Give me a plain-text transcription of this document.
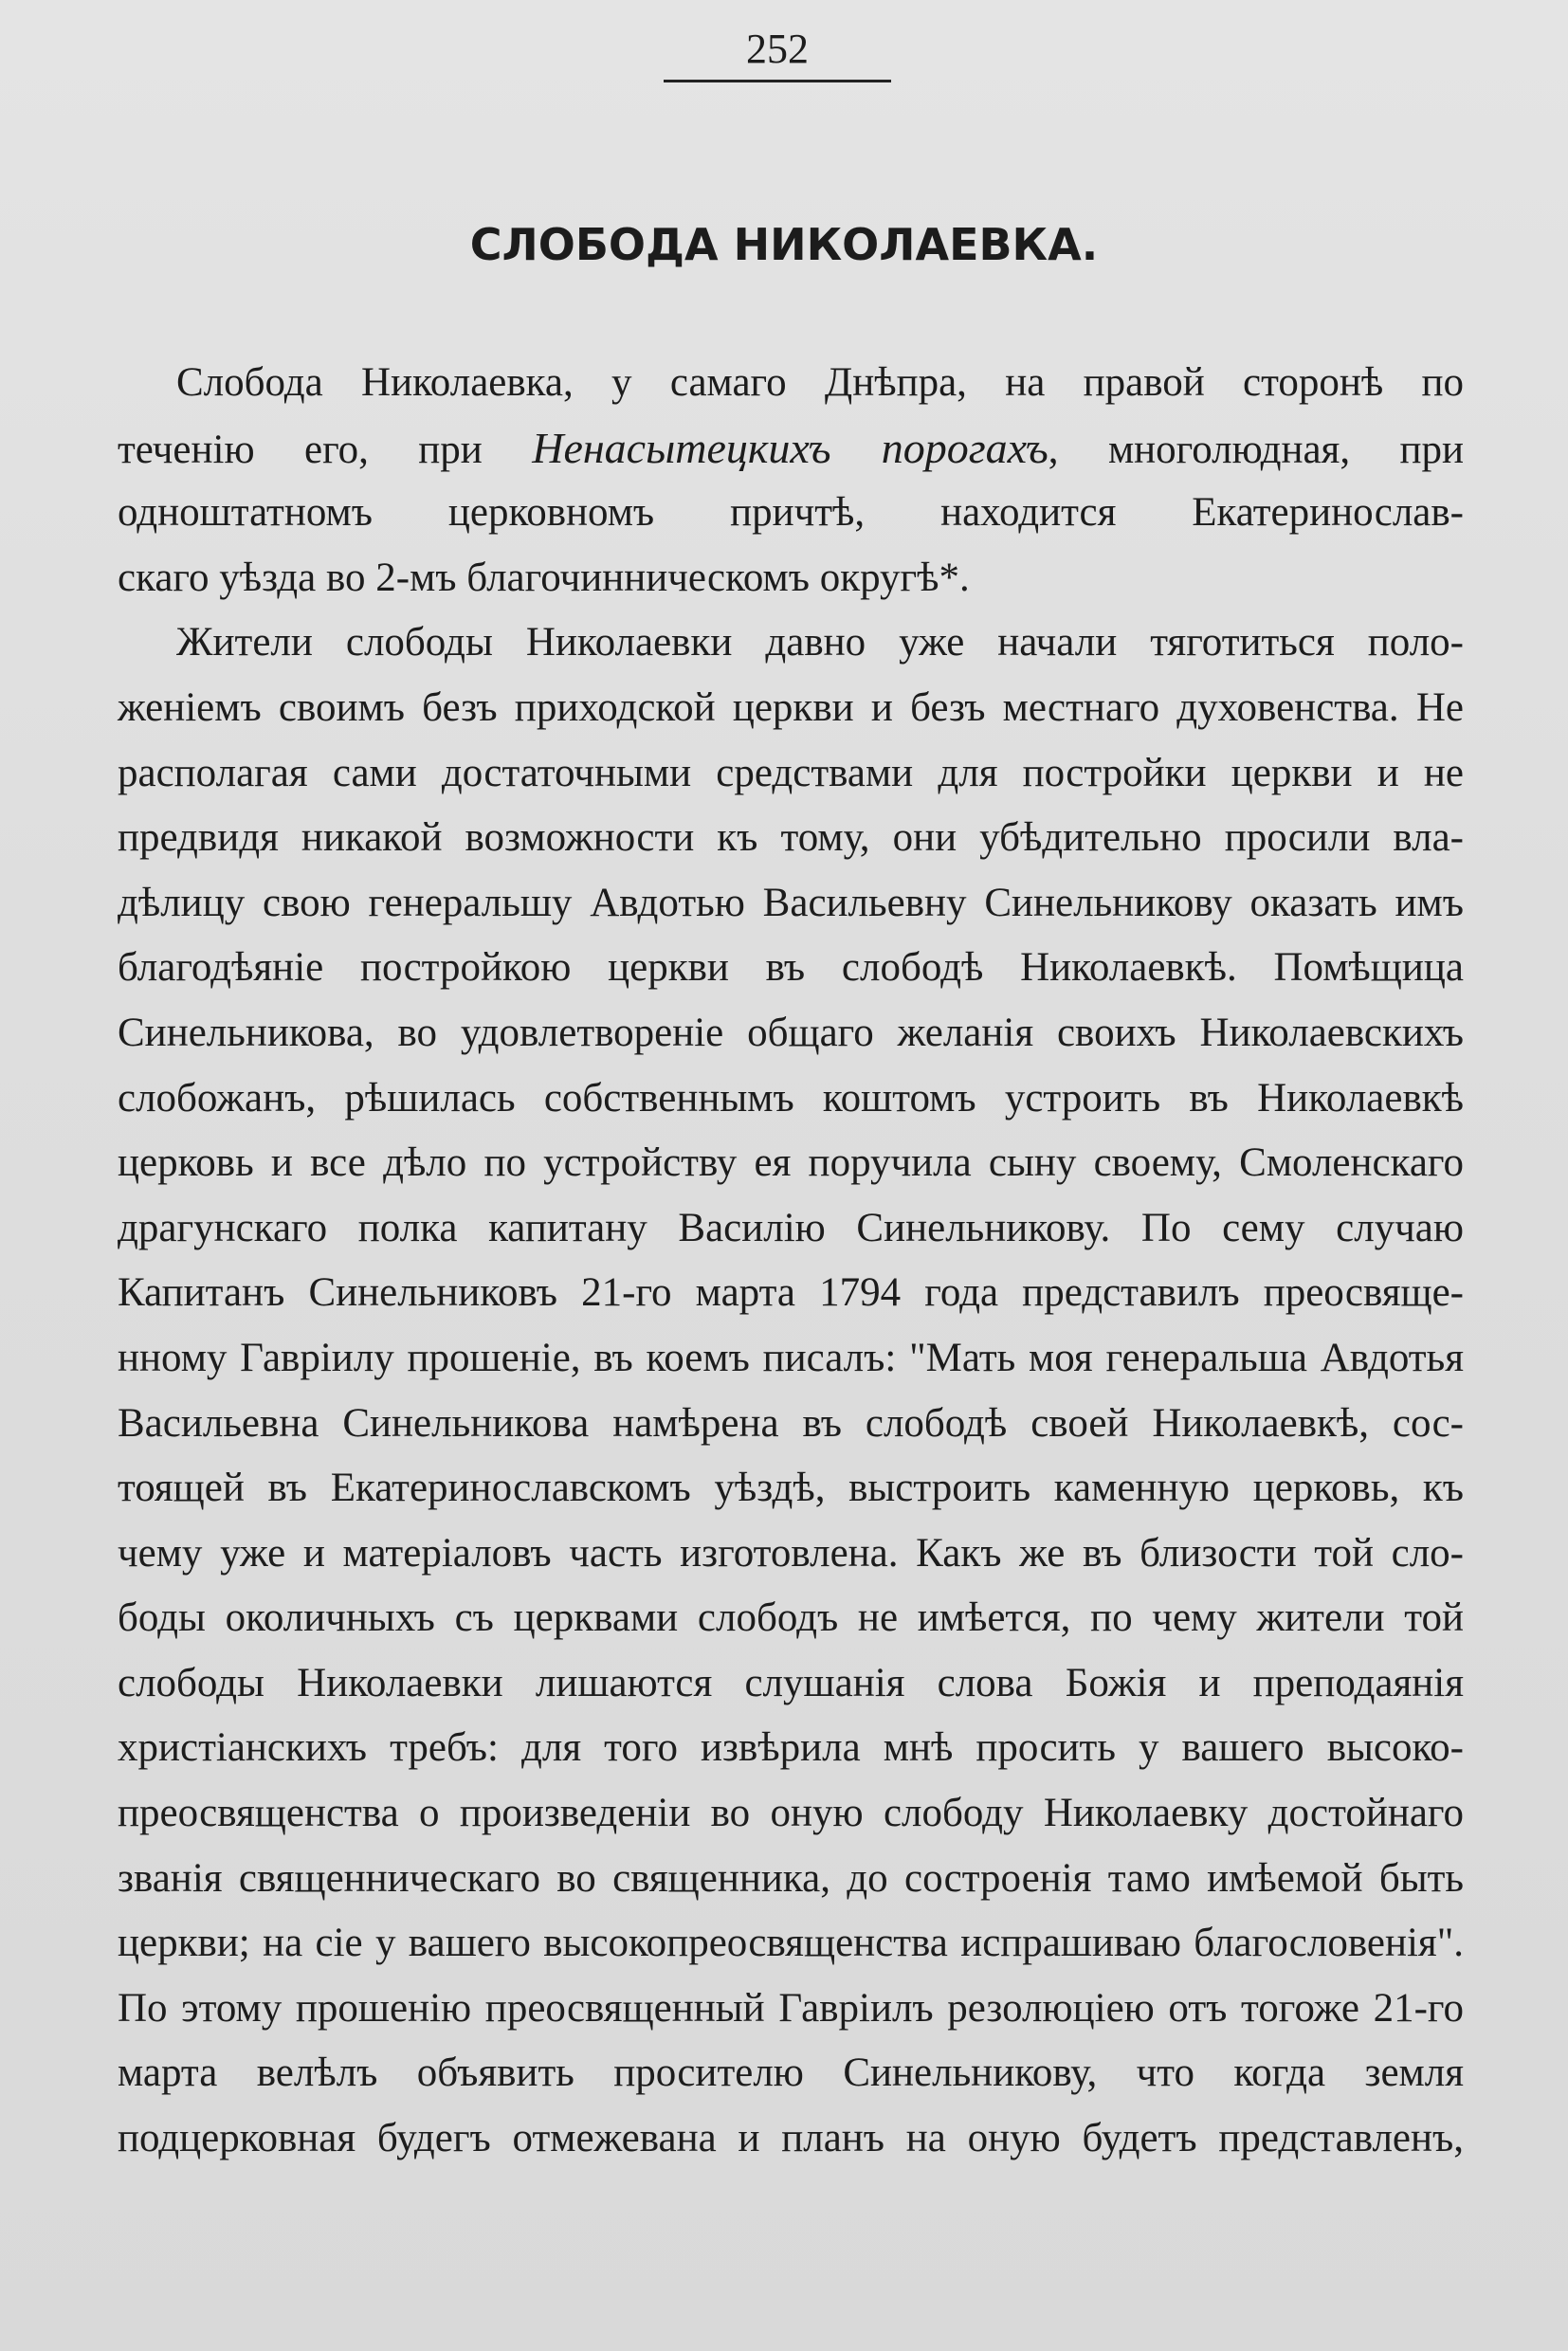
252
СЛОБОДА НИКОЛАЕВКА.
Слобода Николаевка, у самаго Днѣпра, на правой сторонѣ по
теченію его, при Ненасытецкихъ порогахъ, многолюдная, при
одноштатномъ церковномъ причтѣ, находится Екатеринослав-
скаго уѣзда во 2-мъ благочинническомъ округѣ*.
Жители слободы Николаевки давно уже начали тяготиться поло-
женіемъ своимъ безъ приходской церкви и безъ местнаго духовенства. Не
располагая сами достаточными средствами для постройки церкви и не
предвидя никакой возможности къ тому, они убѣдительно просили вла-
дѣлицу свою генеральшу Авдотью Васильевну Синельникову оказать имъ
благодѣяніе постройкою церкви въ слободѣ Николаевкѣ. Помѣщица
Синельникова, во удовлетвореніе общаго желанія своихъ Николаевскихъ
слобожанъ, рѣшилась собственнымъ коштомъ устроить въ Николаевкѣ
церковь и все дѣло по устройству ея поручила сыну своему, Смоленскаго
драгунскаго полка капитану Василію Синельникову. По сему случаю
Капитанъ Синельниковъ 21-го марта 1794 года представилъ преосвяще-
нному Гавріилу прошеніе, въ коемъ писалъ: "Мать моя генеральша Авдотья
Васильевна Синельникова намѣрена въ слободѣ своей Николаевкѣ, сос-
тоящей въ Екатеринославскомъ уѣздѣ, выстроить каменную церковь, къ
чему уже и матеріаловъ часть изготовлена. Какъ же въ близости той сло-
боды околичныхъ съ церквами слободъ не имѣется, по чему жители той
слободы Николаевки лишаются слушанія слова Божія и преподаянія
христіанскихъ требъ: для того извѣрила мнѣ просить у вашего высоко-
преосвященства о произведеніи во оную слободу Николаевку достойнаго
званія священническаго во священника, до состроенія тамо имѣемой быть
церкви; на сіе у вашего высокопреосвященства испрашиваю благословенія".
По этому прошенію преосвященный Гавріилъ резолюціею отъ тогоже 21-го
марта велѣлъ объявить просителю Синельникову, что когда земля
подцерковная будегъ отмежевана и планъ на оную будетъ представленъ,
